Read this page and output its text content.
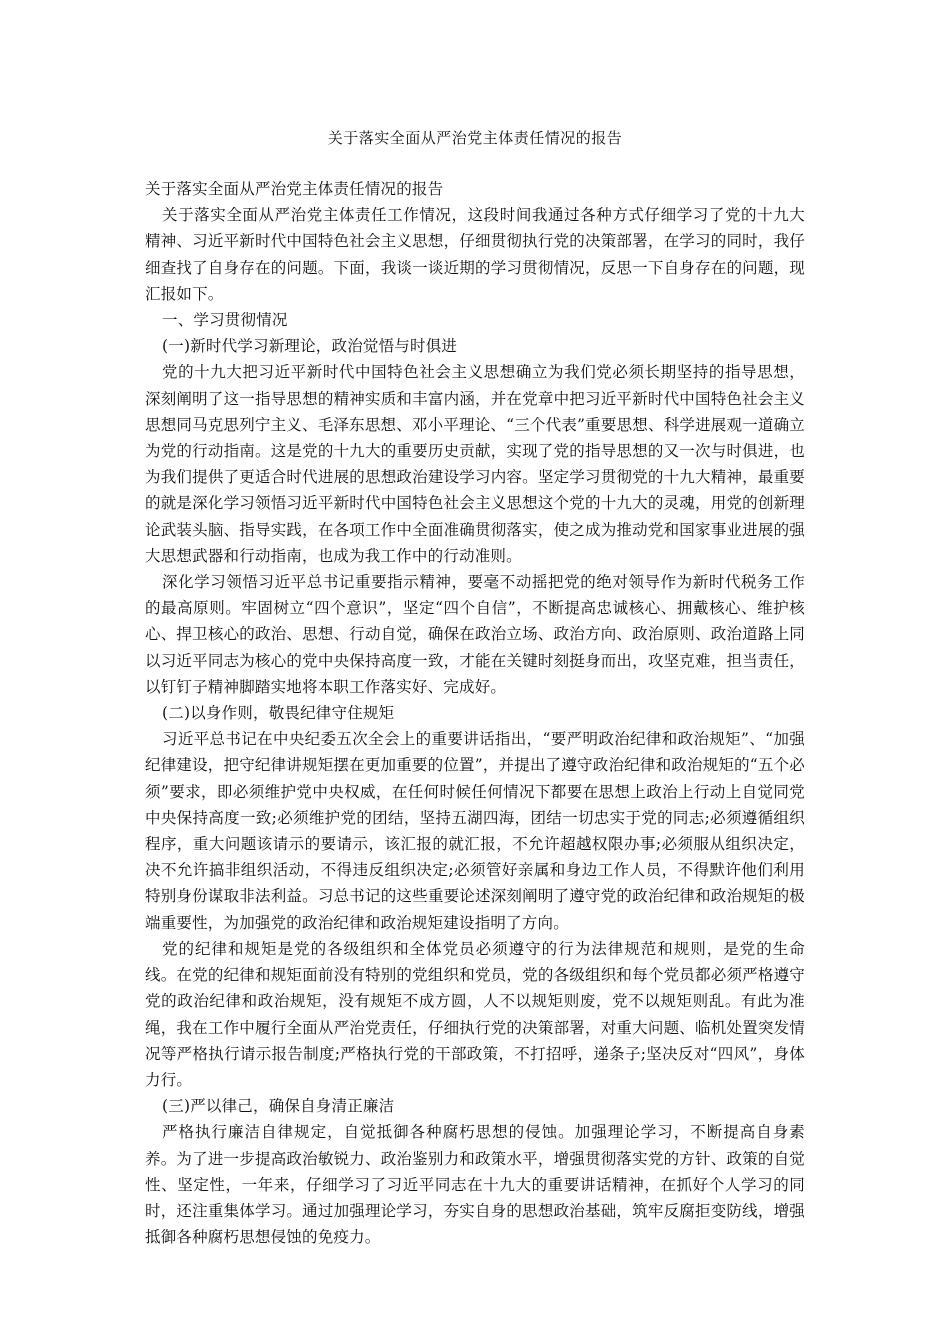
关于落实全面从严治党主体责任情况的报告

关于落实全面从严治党主体责任情况的报告

关于落实全面从严治党主体责任工作情况，这段时间我通过各种方式仔细学习了党的十九大精神、习近平新时代中国特色社会主义思想，仔细贯彻执行党的决策部署，在学习的同时，我仔细查找了自身存在的问题。下面，我谈一谈近期的学习贯彻情况，反思一下自身存在的问题，现汇报如下。

一、学习贯彻情况

(一)新时代学习新理论，政治觉悟与时俱进

党的十九大把习近平新时代中国特色社会主义思想确立为我们党必须长期坚持的指导思想，深刻阐明了这一指导思想的精神实质和丰富内涵，并在党章中把习近平新时代中国特色社会主义思想同马克思列宁主义、毛泽东思想、邓小平理论、“三个代表”重要思想、科学进展观一道确立为党的行动指南。这是党的十九大的重要历史贡献，实现了党的指导思想的又一次与时俱进，也为我们提供了更适合时代进展的思想政治建设学习内容。坚定学习贯彻党的十九大精神，最重要的就是深化学习领悟习近平新时代中国特色社会主义思想这个党的十九大的灵魂，用党的创新理论武装头脑、指导实践，在各项工作中全面准确贯彻落实，使之成为推动党和国家事业进展的强大思想武器和行动指南，也成为我工作中的行动准则。

深化学习领悟习近平总书记重要指示精神，要毫不动摇把党的绝对领导作为新时代税务工作的最高原则。牢固树立“四个意识”，坚定“四个自信”，不断提高忠诚核心、拥戴核心、维护核心、捍卫核心的政治、思想、行动自觉，确保在政治立场、政治方向、政治原则、政治道路上同以习近平同志为核心的党中央保持高度一致，才能在关键时刻挺身而出，攻坚克难，担当责任，以钉钉子精神脚踏实地将本职工作落实好、完成好。

(二)以身作则，敬畏纪律守住规矩

习近平总书记在中央纪委五次全会上的重要讲话指出，“要严明政治纪律和政治规矩”、“加强纪律建设，把守纪律讲规矩摆在更加重要的位置”，并提出了遵守政治纪律和政治规矩的“五个必须”要求，即必须维护党中央权威，在任何时候任何情况下都要在思想上政治上行动上自觉同党中央保持高度一致;必须维护党的团结，坚持五湖四海，团结一切忠实于党的同志;必须遵循组织程序，重大问题该请示的要请示，该汇报的就汇报，不允许超越权限办事;必须服从组织决定，决不允许搞非组织活动，不得违反组织决定;必须管好亲属和身边工作人员，不得默许他们利用特别身份谋取非法利益。习总书记的这些重要论述深刻阐明了遵守党的政治纪律和政治规矩的极端重要性，为加强党的政治纪律和政治规矩建设指明了方向。

党的纪律和规矩是党的各级组织和全体党员必须遵守的行为法律规范和规则，是党的生命线。在党的纪律和规矩面前没有特别的党组织和党员，党的各级组织和每个党员都必须严格遵守党的政治纪律和政治规矩，没有规矩不成方圆，人不以规矩则废，党不以规矩则乱。有此为准绳，我在工作中履行全面从严治党责任，仔细执行党的决策部署，对重大问题、临机处置突发情况等严格执行请示报告制度;严格执行党的干部政策，不打招呼，递条子;坚决反对“四风”，身体力行。

(三)严以律己，确保自身清正廉洁

严格执行廉洁自律规定，自觉抵御各种腐朽思想的侵蚀。加强理论学习，不断提高自身素养。为了进一步提高政治敏锐力、政治鉴别力和政策水平，增强贯彻落实党的方针、政策的自觉性、坚定性，一年来，仔细学习了习近平同志在十九大的重要讲话精神，在抓好个人学习的同时，还注重集体学习。通过加强理论学习，夯实自身的思想政治基础，筑牢反腐拒变防线，增强抵御各种腐朽思想侵蚀的免疫力。
